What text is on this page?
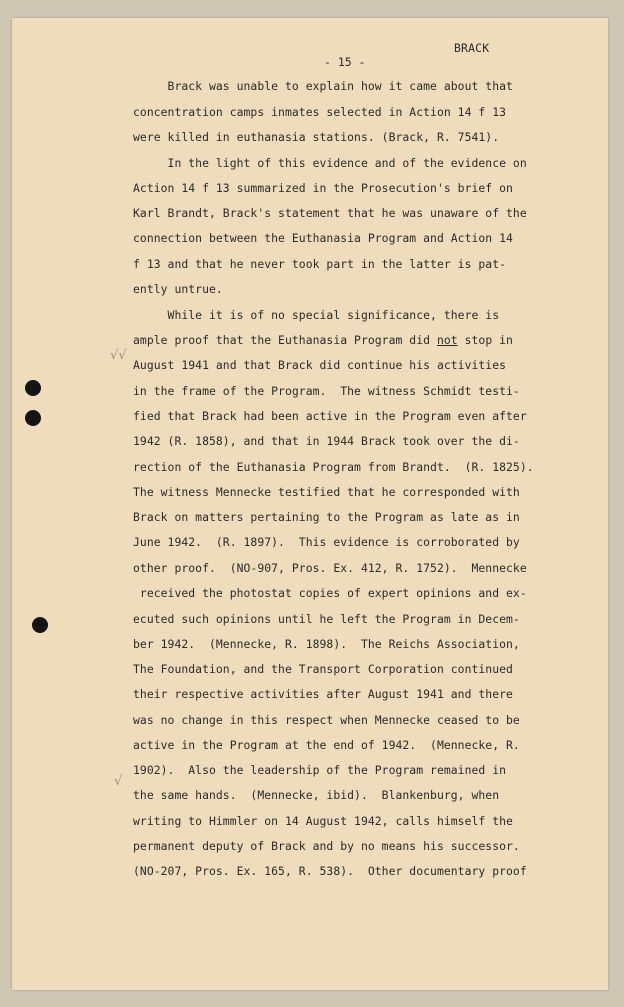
BRACK
- 15 -
√√
√
Brack was unable to explain how it came about that
concentration camps inmates selected in Action 14 f 13
were killed in euthanasia stations. (Brack, R. 7541).
In the light of this evidence and of the evidence on
Action 14 f 13 summarized in the Prosecution's brief on
Karl Brandt, Brack's statement that he was unaware of the
connection between the Euthanasia Program and Action 14
f 13 and that he never took part in the latter is pat-
ently untrue.
While it is of no special significance, there is
ample proof that the Euthanasia Program did not stop in
August 1941 and that Brack did continue his activities
in the frame of the Program.  The witness Schmidt testi-
fied that Brack had been active in the Program even after
1942 (R. 1858), and that in 1944 Brack took over the di-
rection of the Euthanasia Program from Brandt.  (R. 1825).
The witness Mennecke testified that he corresponded with
Brack on matters pertaining to the Program as late as in
June 1942.  (R. 1897).  This evidence is corroborated by
other proof.  (NO-907, Pros. Ex. 412, R. 1752).  Mennecke
received the photostat copies of expert opinions and ex-
ecuted such opinions until he left the Program in Decem-
ber 1942.  (Mennecke, R. 1898).  The Reichs Association,
The Foundation, and the Transport Corporation continued
their respective activities after August 1941 and there
was no change in this respect when Mennecke ceased to be
active in the Program at the end of 1942.  (Mennecke, R.
1902).  Also the leadership of the Program remained in
the same hands.  (Mennecke, ibid).  Blankenburg, when
writing to Himmler on 14 August 1942, calls himself the
permanent deputy of Brack and by no means his successor.
(NO-207, Pros. Ex. 165, R. 538).  Other documentary proof
